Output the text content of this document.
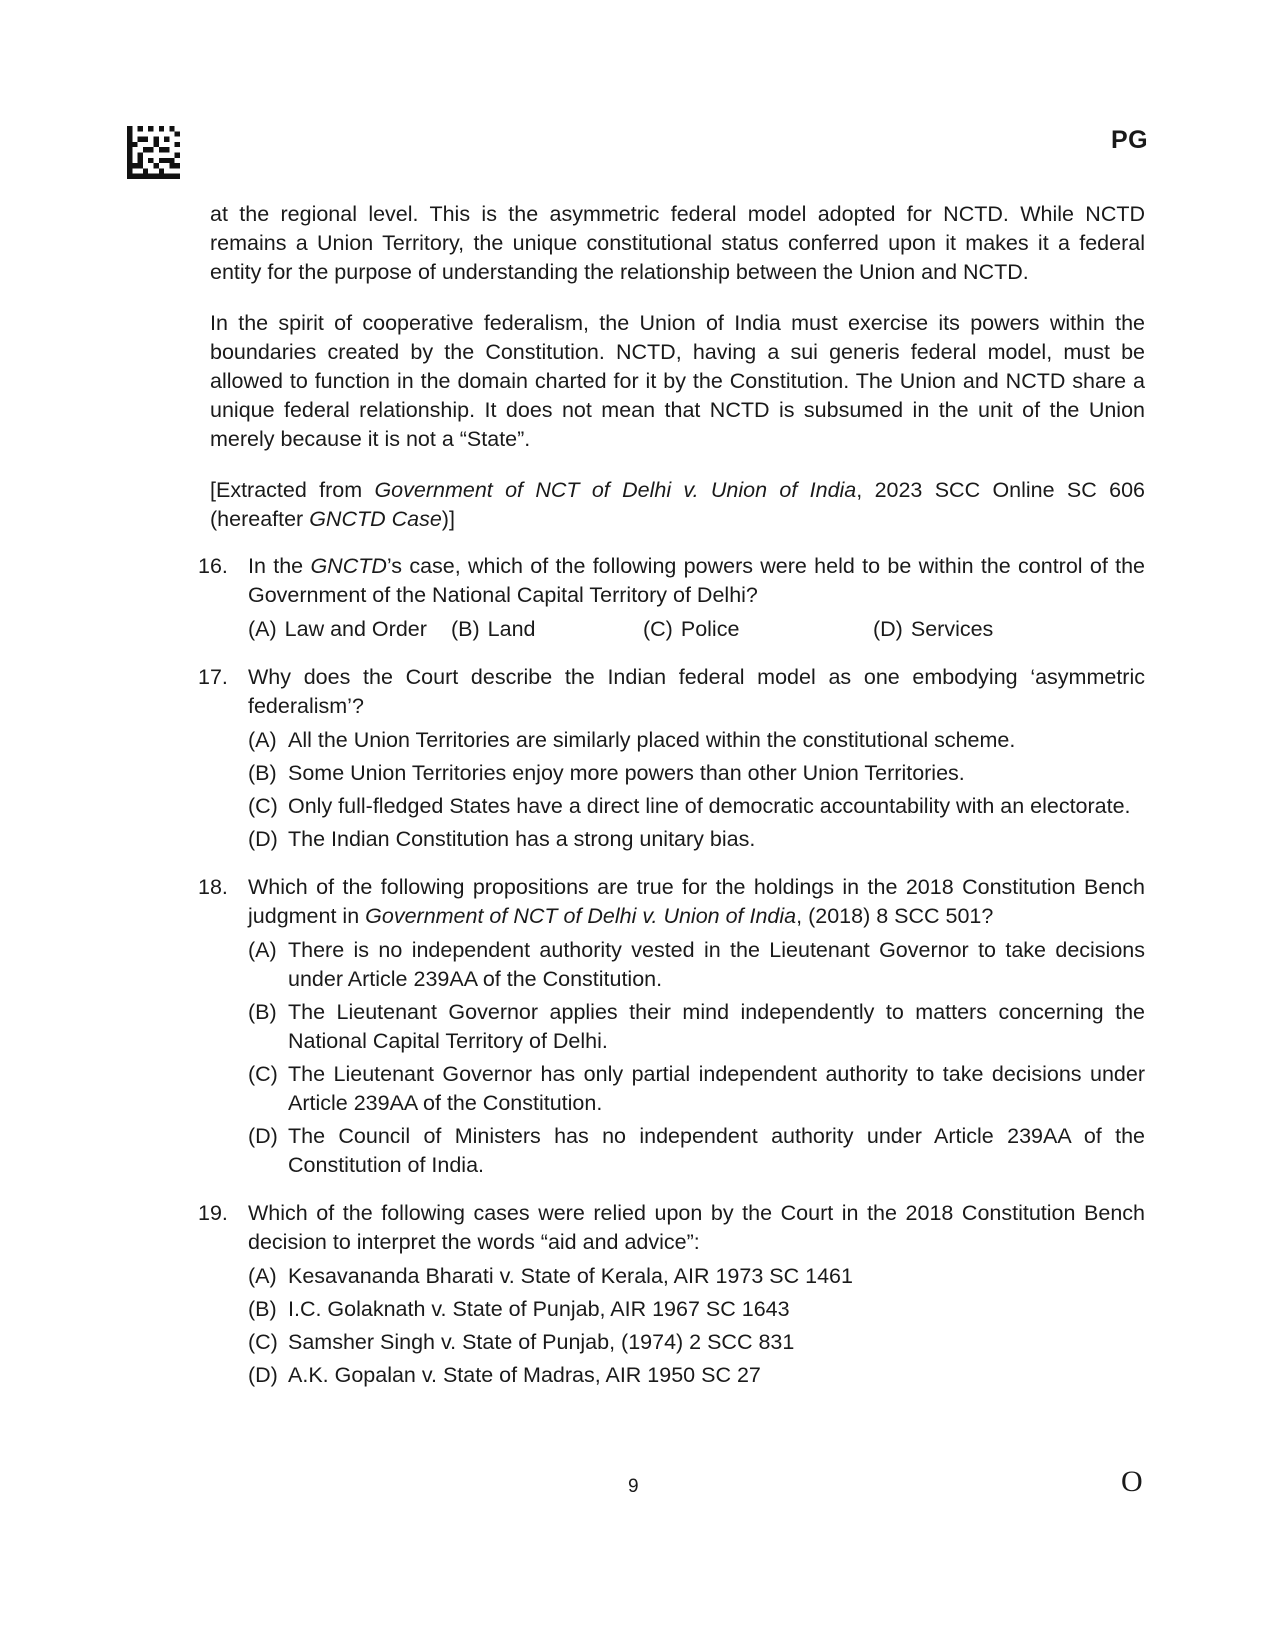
PG

at the regional level. This is the asymmetric federal model adopted for NCTD. While NCTD remains a Union Territory, the unique constitutional status conferred upon it makes it a federal entity for the purpose of understanding the relationship between the Union and NCTD.

In the spirit of cooperative federalism, the Union of India must exercise its powers within the boundaries created by the Constitution. NCTD, having a sui generis federal model, must be allowed to function in the domain charted for it by the Constitution. The Union and NCTD share a unique federal relationship. It does not mean that NCTD is subsumed in the unit of the Union merely because it is not a “State”.

[Extracted from Government of NCT of Delhi v. Union of India, 2023 SCC Online SC 606 (hereafter GNCTD Case)]

16. In the GNCTD’s case, which of the following powers were held to be within the control of the Government of the National Capital Territory of Delhi?

(A) Law and Order (B) Land	(C) Police	(D) Services
17. Why does the Court describe the Indian federal model as one embodying ‘asymmetric federalism’?

(A) All the Union Territories are similarly placed within the constitutional scheme.
(B) Some Union Territories enjoy more powers than other Union Territories.
(C) Only full-fledged States have a direct line of democratic accountability with an electorate.
(D) The Indian Constitution has a strong unitary bias.
18. Which of the following propositions are true for the holdings in the 2018 Constitution Bench judgment in Government of NCT of Delhi v. Union of India, (2018) 8 SCC 501?

(A) There is no independent authority vested in the Lieutenant Governor to take decisions under Article 239AA of the Constitution.
(B) The Lieutenant Governor applies their mind independently to matters concerning the National Capital Territory of Delhi.
(C) The Lieutenant Governor has only partial independent authority to take decisions under Article 239AA of the Constitution.
(D) The Council of Ministers has no independent authority under Article 239AA of the Constitution of India.
19. Which of the following cases were relied upon by the Court in the 2018 Constitution Bench decision to interpret the words “aid and advice”:

(A) Kesavananda Bharati v. State of Kerala, AIR 1973 SC 1461
(B) I.C. Golaknath v. State of Punjab, AIR 1967 SC 1643
(C) Samsher Singh v. State of Punjab, (1974) 2 SCC 831
(D) A.K. Gopalan v. State of Madras, AIR 1950 SC 27
9	O
